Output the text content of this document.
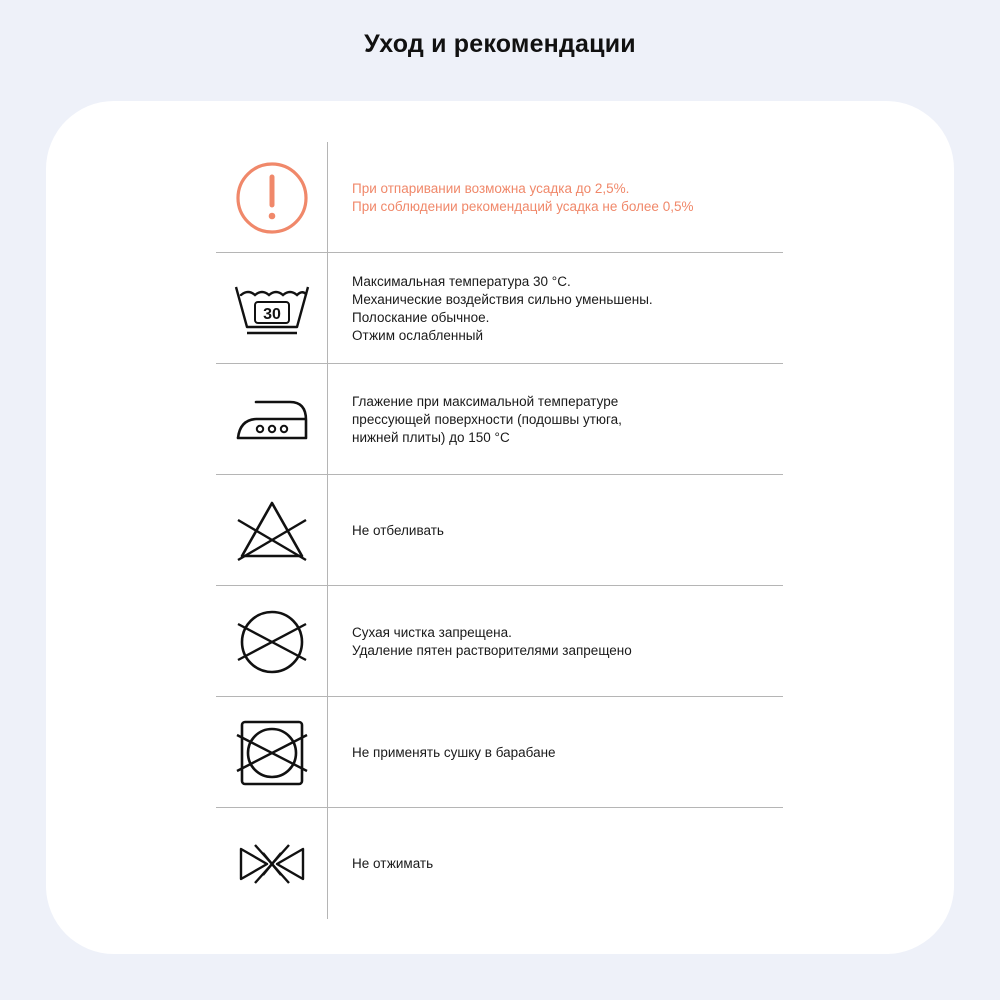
Уход и рекомендации
При отпаривании возможна усадка до 2,5%.
При соблюдении рекомендаций усадка не более 0,5%
30
Максимальная температура 30 °С.
Механические воздействия сильно уменьшены.
Полоскание обычное.
Отжим ослабленный
Глажение при максимальной температуре
прессующей поверхности (подошвы утюга,
нижней плиты) до 150 °С
Не отбеливать
Сухая чистка запрещена.
Удаление пятен растворителями запрещено
Не применять сушку в барабане
Не отжимать
